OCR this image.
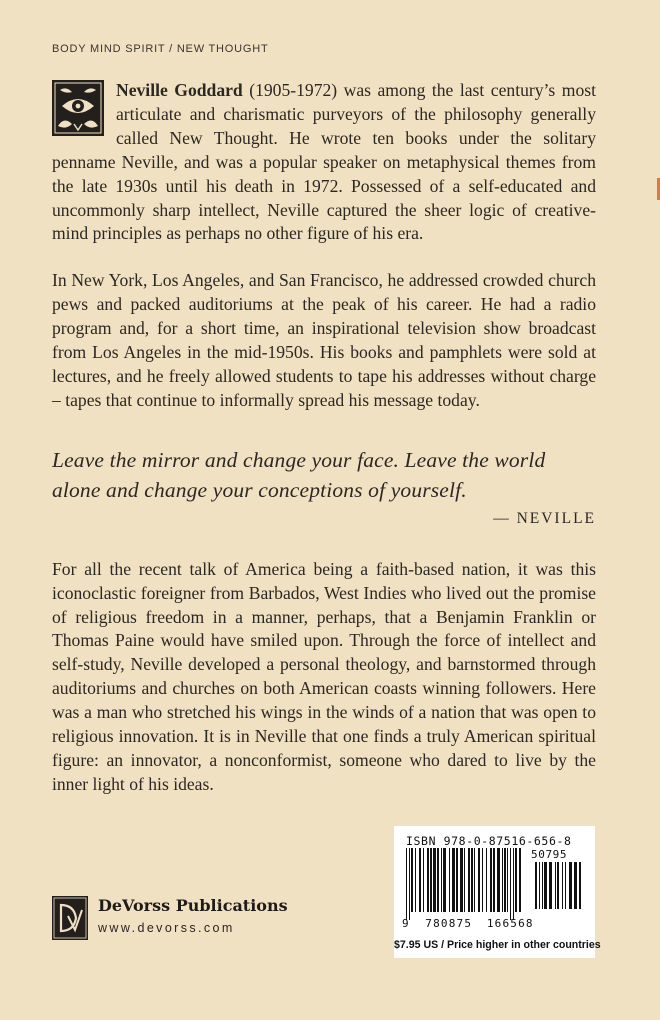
BODY MIND SPIRIT / NEW THOUGHT

Neville Goddard (1905-1972) was among the last century’s most articulate and charismatic purveyors of the philosophy generally called New Thought. He wrote ten books under the solitary penname Neville, and was a popular speaker on metaphysical themes from the late 1930s until his death in 1972. Possessed of a self-educated and uncommonly sharp intellect, Neville captured the sheer logic of creative-mind principles as perhaps no other figure of his era.

In New York, Los Angeles, and San Francisco, he addressed crowded church pews and packed auditoriums at the peak of his career. He had a radio program and, for a short time, an inspirational television show broadcast from Los Angeles in the mid-1950s. His books and pamphlets were sold at lectures, and he freely allowed students to tape his addresses without charge – tapes that continue to informally spread his message today.

Leave the mirror and change your face. Leave the world alone and change your conceptions of yourself.

— NEVILLE

For all the recent talk of America being a faith-based nation, it was this iconoclastic foreigner from Barbados, West Indies who lived out the promise of religious freedom in a manner, perhaps, that a Benjamin Franklin or Thomas Paine would have smiled upon. Through the force of intellect and self-study, Neville developed a personal theology, and barnstormed through auditoriums and churches on both American coasts winning followers. Here was a man who stretched his wings in the winds of a nation that was open to religious innovation. It is in Neville that one finds a truly American spiritual figure: an innovator, a nonconformist, someone who dared to live by the inner light of his ideas.

DeVorss Publications
www.devorss.com
ISBN 978-0-87516-656-8
50795
9 780875 166568
$7.95 US / Price higher in other countries
